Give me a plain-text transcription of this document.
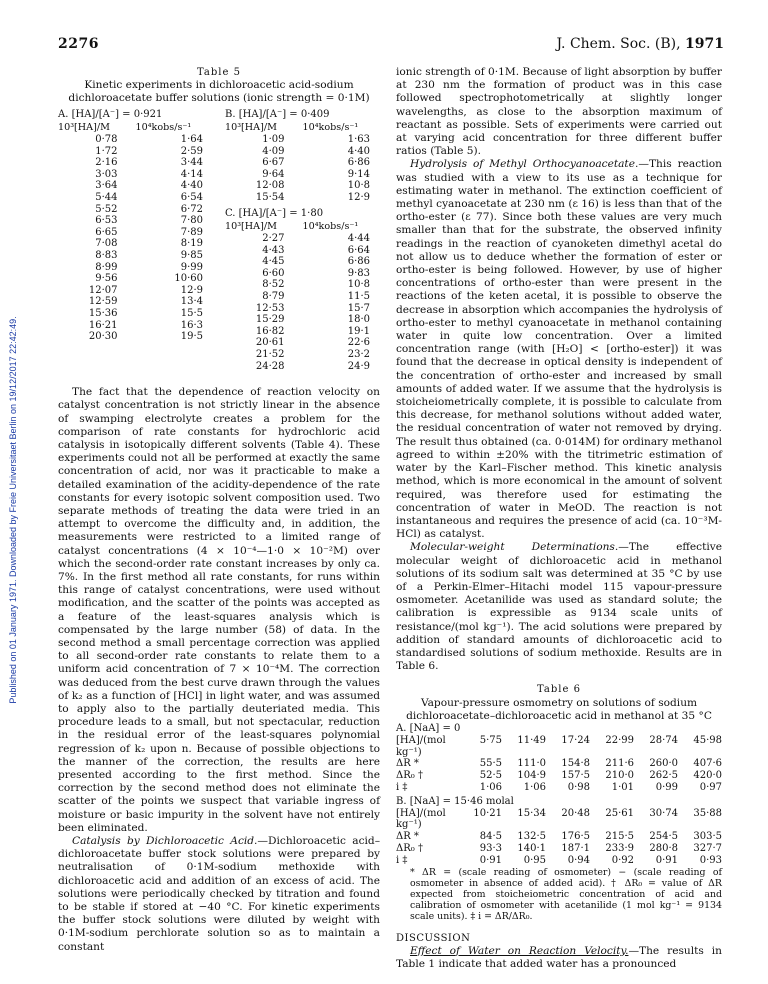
2276	J. Chem. Soc. (B), 1971
Published on 01 January 1971. Downloaded by Freie Universitaet Berlin on 19/12/2017 22:42:49.
Table 5
Kinetic experiments in dichloroacetic acid-sodium dichloroacetate buffer solutions (ionic strength = 0·1M)
A. [HA]/[A⁻] = 0·921
10³[HA]/M	10⁴kobs/s⁻¹
0·78	1·64
1·72	2·59
2·16	3·44
3·03	4·14
3·64	4·40
5·44	6·54
5·52	6·72
6·53	7·80
6·65	7·89
7·08	8·19
8·83	9·85
8·99	9·99
9·56	10·60
12·07	12·9
12·59	13·4
15·36	15·5
16·21	16·3
20·30	19·5
B. [HA]/[A⁻] = 0·409
10³[HA]/M	10⁴kobs/s⁻¹
1·09	1·63
4·09	4·40
6·67	6·86
9·64	9·14
12·08	10·8
15·54	12·9
C. [HA]/[A⁻] = 1·80
10³[HA]/M	10⁴kobs/s⁻¹
2·27	4·44
4·43	6·64
4·45	6·86
6·60	9·83
8·52	10·8
8·79	11·5
12·53	15·7
15·29	18·0
16·82	19·1
20·61	22·6
21·52	23·2
24·28	24·9

The fact that the dependence of reaction velocity on catalyst concentration is not strictly linear in the absence of swamping electrolyte creates a problem for the comparison of rate constants for hydrochloric acid catalysis in isotopically different solvents (Table 4). These experiments could not all be performed at exactly the same concentration of acid, nor was it practicable to make a detailed examination of the acidity-dependence of the rate constants for every isotopic solvent composition used. Two separate methods of treating the data were tried in an attempt to overcome the difficulty and, in addition, the measurements were restricted to a limited range of catalyst concentrations (4 × 10⁻⁴—1·0 × 10⁻²M) over which the second-order rate constant increases by only ca. 7%. In the first method all rate constants, for runs within this range of catalyst concentrations, were used without modification, and the scatter of the points was accepted as a feature of the least-squares analysis which is compensated by the large number (58) of data. In the second method a small percentage correction was applied to all second-order rate constants to relate them to a uniform acid concentration of 7 × 10⁻⁴M. The correction was deduced from the best curve drawn through the values of k₂ as a function of [HCl] in light water, and was assumed to apply also to the partially deuteriated media. This procedure leads to a small, but not spectacular, reduction in the residual error of the least-squares polynomial regression of k₂ upon n. Because of possible objections to the manner of the correction, the results are here presented according to the first method. Since the correction by the second method does not eliminate the scatter of the points we suspect that variable ingress of moisture or basic impurity in the solvent have not entirely been eliminated.

Catalysis by Dichloroacetic Acid.—Dichloroacetic acid–dichloroacetate buffer stock solutions were prepared by neutralisation of 0·1M-sodium methoxide with dichloroacetic acid and addition of an excess of acid. The solutions were periodically checked by titration and found to be stable if stored at −40 °C. For kinetic experiments the buffer stock solutions were diluted by weight with 0·1M-sodium perchlorate solution so as to maintain a constant

ionic strength of 0·1M. Because of light absorption by buffer at 230 nm the formation of product was in this case followed spectrophotometrically at slightly longer wavelengths, as close to the absorption maximum of reactant as possible. Sets of experiments were carried out at varying acid concentration for three different buffer ratios (Table 5).

Hydrolysis of Methyl Orthocyanoacetate.—This reaction was studied with a view to its use as a technique for estimating water in methanol. The extinction coefficient of methyl cyanoacetate at 230 nm (ε 16) is less than that of the ortho-ester (ε 77). Since both these values are very much smaller than that for the substrate, the observed infinity readings in the reaction of cyanoketen dimethyl acetal do not allow us to deduce whether the formation of ester or ortho-ester is being followed. However, by use of higher concentrations of ortho-ester than were present in the reactions of the keten acetal, it is possible to observe the decrease in absorption which accompanies the hydrolysis of ortho-ester to methyl cyanoacetate in methanol containing water in quite low concentration. Over a limited concentration range (with [H₂O] < [ortho-ester]) it was found that the decrease in optical density is independent of the concentration of ortho-ester and increased by small amounts of added water. If we assume that the hydrolysis is stoicheiometrically complete, it is possible to calculate from this decrease, for methanol solutions without added water, the residual concentration of water not removed by drying. The result thus obtained (ca. 0·014M) for ordinary methanol agreed to within ±20% with the titrimetric estimation of water by the Karl–Fischer method. This kinetic analysis method, which is more economical in the amount of solvent required, was therefore used for estimating the concentration of water in MeOD. The reaction is not instantaneous and requires the presence of acid (ca. 10⁻³M-HCl) as catalyst.

Molecular-weight Determinations.—The effective molecular weight of dichloroacetic acid in methanol solutions of its sodium salt was determined at 35 °C by use of a Perkin-Elmer–Hitachi model 115 vapour-pressure osmometer. Acetanilide was used as standard solute; the calibration is expressible as 9134 scale units of resistance/(mol kg⁻¹). The acid solutions were prepared by addition of standard amounts of dichloroacetic acid to standardised solutions of sodium methoxide. Results are in Table 6.

Table 6
Vapour-pressure osmometry on solutions of sodium dichloroacetate–dichloroacetic acid in methanol at 35 °C
A. [NaA] = 0
[HA]/(mol kg⁻¹)
5·75	11·49	17·24	22·99	28·74	45·98
ΔR *	55·5	111·0	154·8	211·6	260·0	407·6
ΔR₀ †	52·5	104·9	157·5	210·0	262·5	420·0
i ‡	1·06	1·06	0·98	1·01	0·99	0·97
B. [NaA] = 15·46 molal
[HA]/(mol kg⁻¹)
10·21	15·34	20·48	25·61	30·74	35·88
ΔR *	84·5	132·5	176·5	215·5	254·5	303·5
ΔR₀ †	93·3	140·1	187·1	233·9	280·8	327·7
i ‡	0·91	0·95	0·94	0·92	0·91	0·93
* ΔR = (scale reading of osmometer) − (scale reading of osmometer in absence of added acid). † ΔR₀ = value of ΔR expected from stoicheiometric concentration of acid and calibration of osmometer with acetanilide (1 mol kg⁻¹ = 9134 scale units). ‡ i = ΔR/ΔR₀.
DISCUSSION

Effect of Water on Reaction Velocity.—The results in Table 1 indicate that added water has a pronounced
